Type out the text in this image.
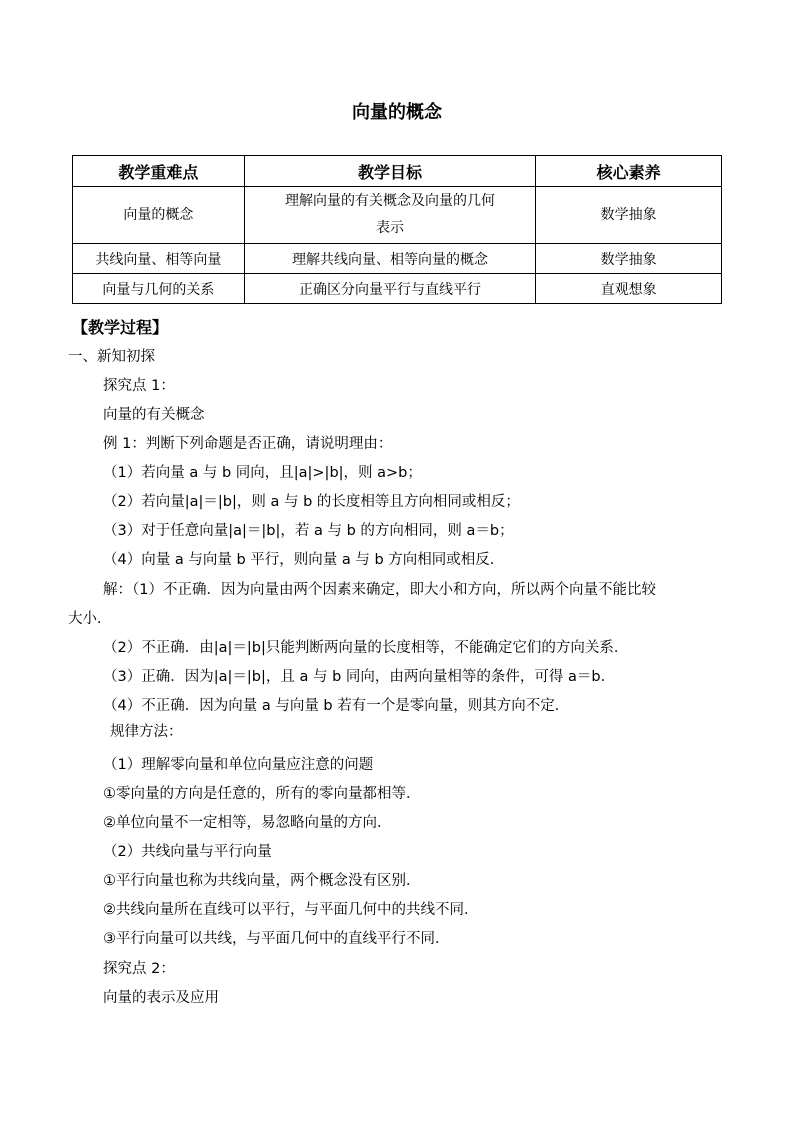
向量的概念
教学重难点	教学目标	核心素养
向量的概念	理解向量的有关概念及向量的几何表示	数学抽象
共线向量、相等向量	理解共线向量、相等向量的概念	数学抽象
向量与几何的关系	正确区分向量平行与直线平行	直观想象
【教学过程】
一、新知初探
探究点 1：
向量的有关概念
例 1：判断下列命题是否正确，请说明理由：
（1）若向量 a 与 b 同向，且|a|>|b|，则 a>b；
（2）若向量|a|＝|b|，则 a 与 b 的长度相等且方向相同或相反；
（3）对于任意向量|a|＝|b|，若 a 与 b 的方向相同，则 a＝b；
（4）向量 a 与向量 b 平行，则向量 a 与 b 方向相同或相反．
解：（1）不正确．因为向量由两个因素来确定，即大小和方向，所以两个向量不能比较
大小．
（2）不正确．由|a|＝|b|只能判断两向量的长度相等，不能确定它们的方向关系．
（3）正确．因为|a|＝|b|，且 a 与 b 同向，由两向量相等的条件，可得 a＝b．
（4）不正确．因为向量 a 与向量 b 若有一个是零向量，则其方向不定．
规律方法：
（1）理解零向量和单位向量应注意的问题
①零向量的方向是任意的，所有的零向量都相等．
②单位向量不一定相等，易忽略向量的方向．
（2）共线向量与平行向量
①平行向量也称为共线向量，两个概念没有区别．
②共线向量所在直线可以平行，与平面几何中的共线不同．
③平行向量可以共线，与平面几何中的直线平行不同．
探究点 2：
向量的表示及应用
